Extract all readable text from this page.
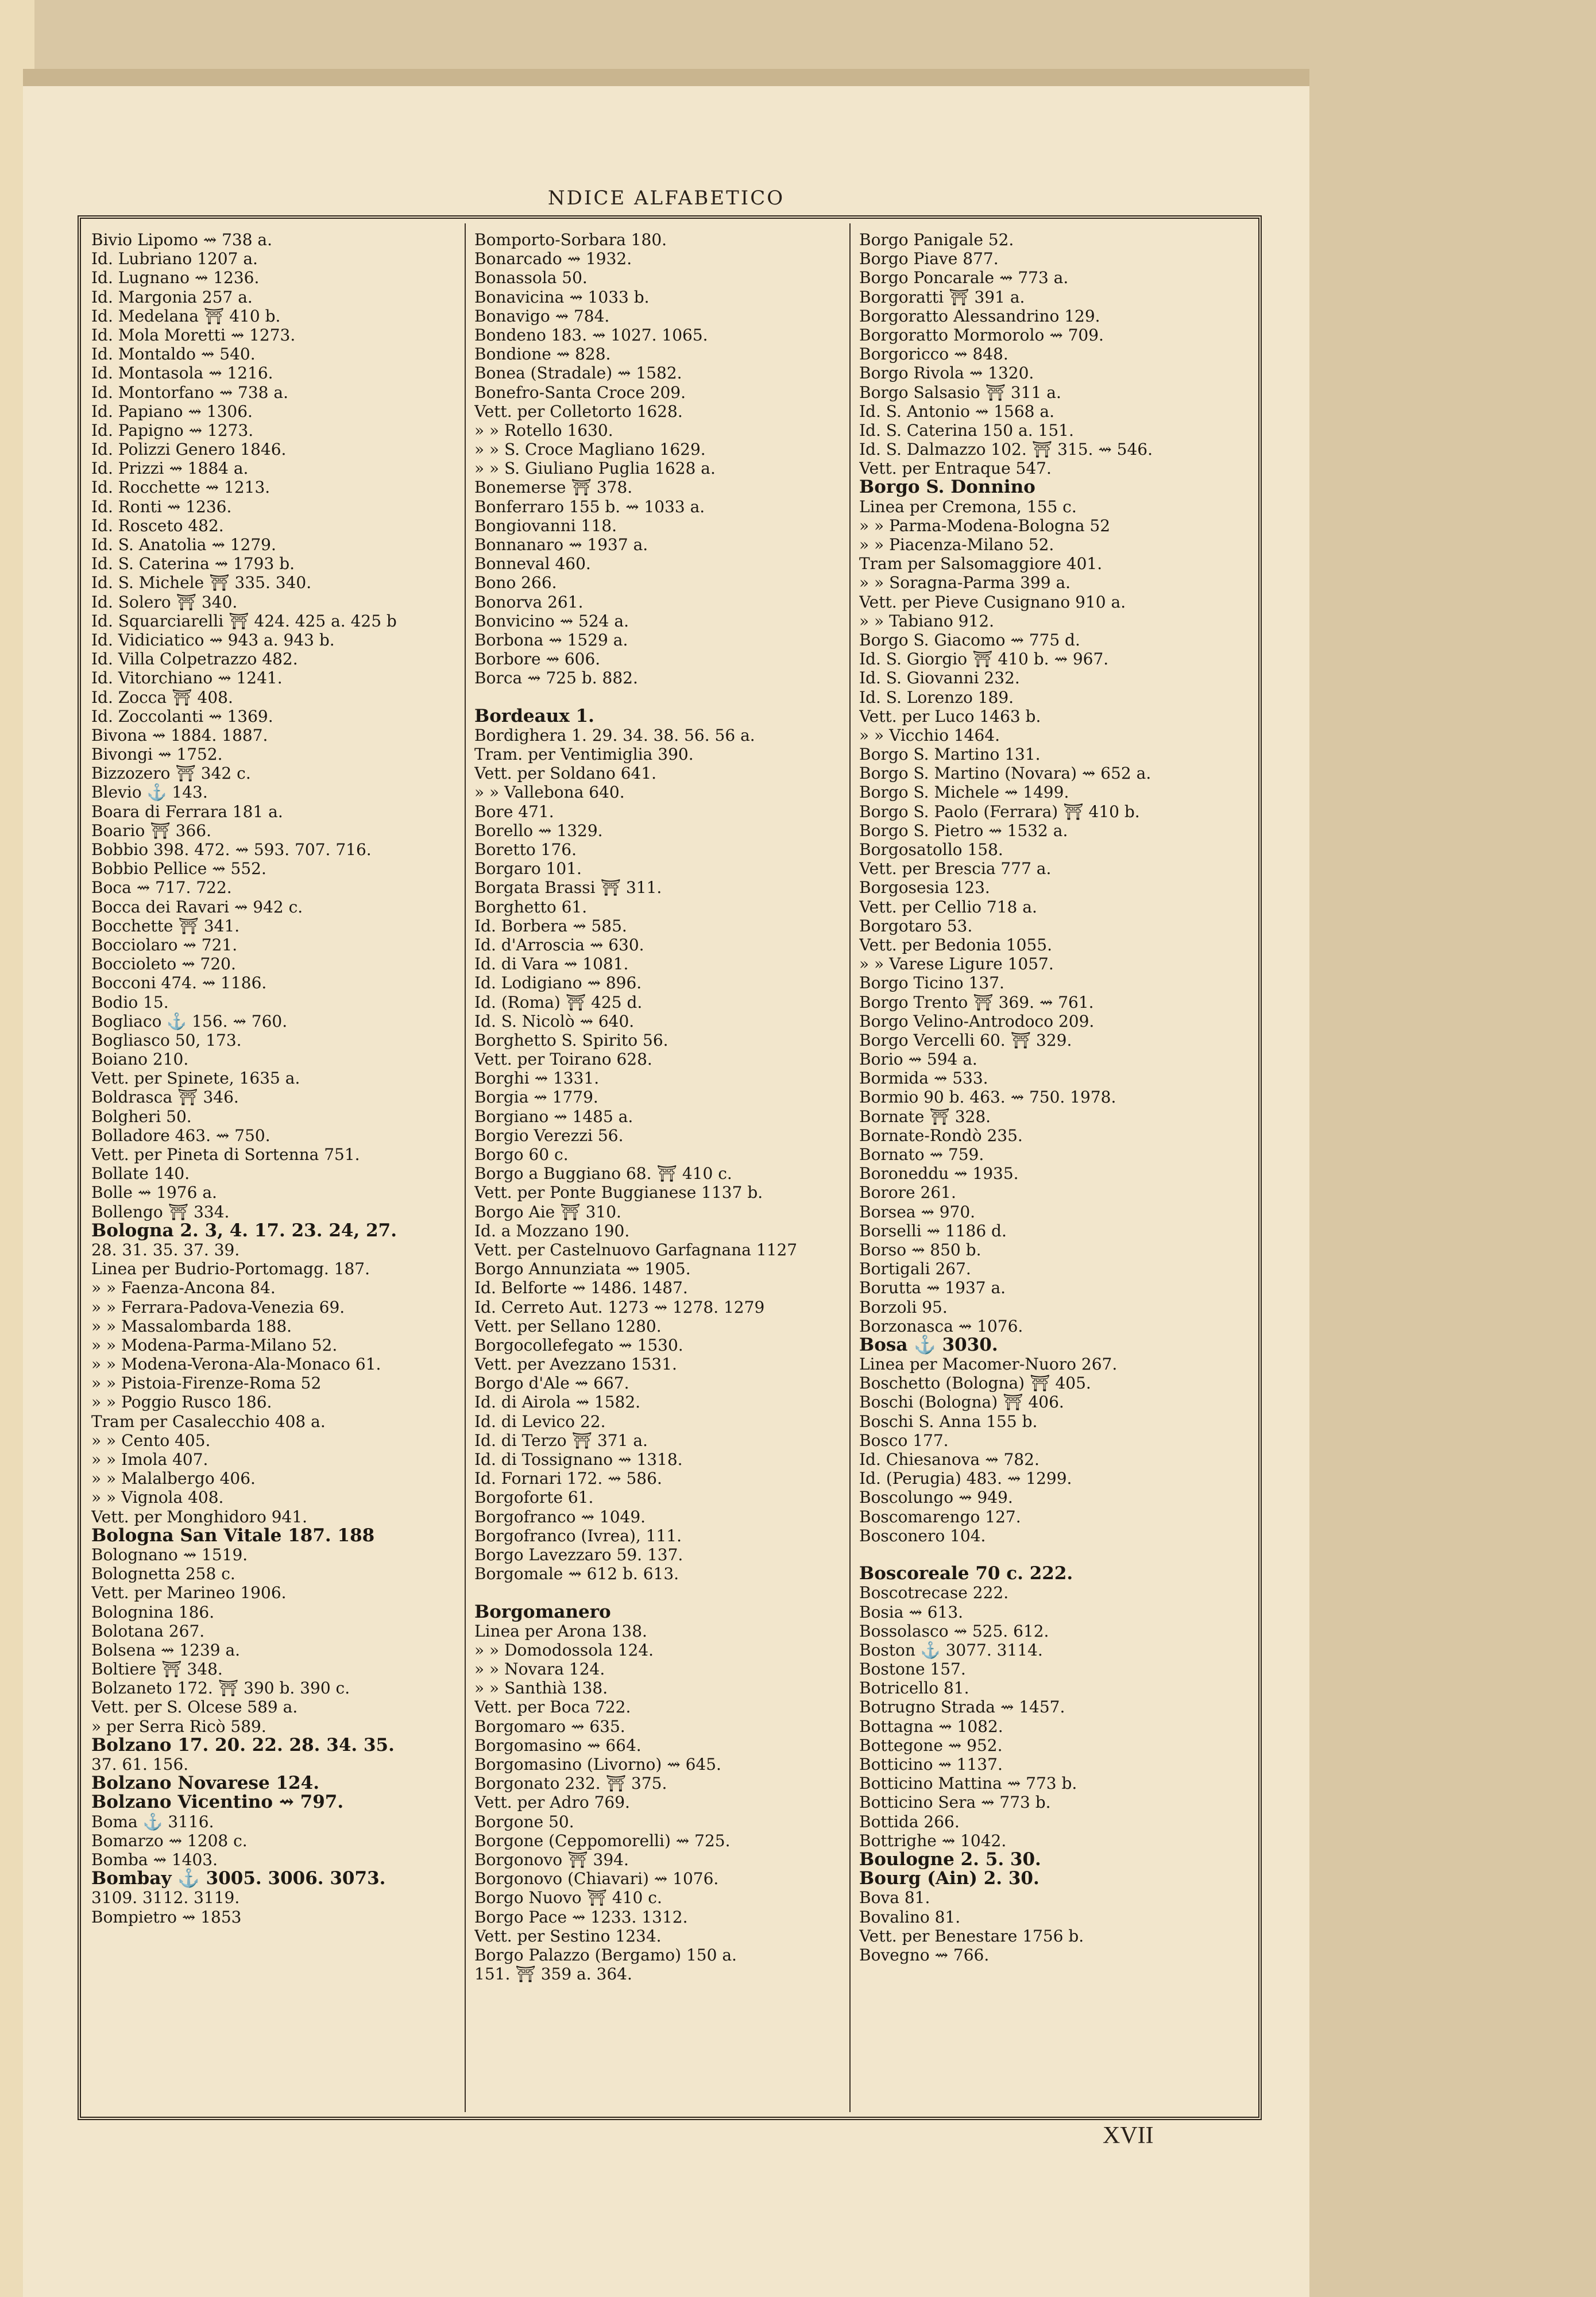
NDICE ALFABETICO
Bivio Lipomo ⇝ 738 a.
Id. Lubriano 1207 a.
Id. Lugnano ⇝ 1236.
Id. Margonia 257 a.
Id. Medelana ⛩ 410 b.
Id. Mola Moretti ⇝ 1273.
Id. Montaldo ⇝ 540.
Id. Montasola ⇝ 1216.
Id. Montorfano ⇝ 738 a.
Id. Papiano ⇝ 1306.
Id. Papigno ⇝ 1273.
Id. Polizzi Genero 1846.
Id. Prizzi ⇝ 1884 a.
Id. Rocchette ⇝ 1213.
Id. Ronti ⇝ 1236.
Id. Rosceto 482.
Id. S. Anatolia ⇝ 1279.
Id. S. Caterina ⇝ 1793 b.
Id. S. Michele ⛩ 335. 340.
Id. Solero ⛩ 340.
Id. Squarciarelli ⛩ 424. 425 a. 425 b
Id. Vidiciatico ⇝ 943 a. 943 b.
Id. Villa Colpetrazzo 482.
Id. Vitorchiano ⇝ 1241.
Id. Zocca ⛩ 408.
Id. Zoccolanti ⇝ 1369.
Bivona ⇝ 1884. 1887.
Bivongi ⇝ 1752.
Bizzozero ⛩ 342 c.
Blevio ⚓ 143.
Boara di Ferrara 181 a.
Boario ⛩ 366.
Bobbio 398. 472. ⇝ 593. 707. 716.
Bobbio Pellice ⇝ 552.
Boca ⇝ 717. 722.
Bocca dei Ravari ⇝ 942 c.
Bocchette ⛩ 341.
Bocciolaro ⇝ 721.
Boccioleto ⇝ 720.
Bocconi 474. ⇝ 1186.
Bodio 15.
Bogliaco ⚓ 156. ⇝ 760.
Bogliasco 50, 173.
Boiano 210.
Vett. per Spinete, 1635 a.
Boldrasca ⛩ 346.
Bolgheri 50.
Bolladore 463. ⇝ 750.
Vett. per Pineta di Sortenna 751.
Bollate 140.
Bolle ⇝ 1976 a.
Bollengo ⛩ 334.
Bologna 2. 3, 4. 17. 23. 24, 27.
28. 31. 35. 37. 39.
Linea per Budrio-Portomagg. 187.
» » Faenza-Ancona 84.
» » Ferrara-Padova-Venezia 69.
» » Massalombarda 188.
» » Modena-Parma-Milano 52.
» » Modena-Verona-Ala-Monaco 61.
» » Pistoia-Firenze-Roma 52
» » Poggio Rusco 186.
Tram per Casalecchio 408 a.
» » Cento 405.
» » Imola 407.
» » Malalbergo 406.
» » Vignola 408.
Vett. per Monghidoro 941.
Bologna San Vitale 187. 188
Bolognano ⇝ 1519.
Bolognetta 258 c.
Vett. per Marineo 1906.
Bolognina 186.
Bolotana 267.
Bolsena ⇝ 1239 a.
Boltiere ⛩ 348.
Bolzaneto 172. ⛩ 390 b. 390 c.
Vett. per S. Olcese 589 a.
» per Serra Ricò 589.
Bolzano 17. 20. 22. 28. 34. 35.
37. 61. 156.
Bolzano Novarese 124.
Bolzano Vicentino ⇝ 797.
Boma ⚓ 3116.
Bomarzo ⇝ 1208 c.
Bomba ⇝ 1403.
Bombay ⚓ 3005. 3006. 3073.
3109. 3112. 3119.
Bompietro ⇝ 1853
Bomporto-Sorbara 180.
Bonarcado ⇝ 1932.
Bonassola 50.
Bonavicina ⇝ 1033 b.
Bonavigo ⇝ 784.
Bondeno 183. ⇝ 1027. 1065.
Bondione ⇝ 828.
Bonea (Stradale) ⇝ 1582.
Bonefro-Santa Croce 209.
Vett. per Colletorto 1628.
» » Rotello 1630.
» » S. Croce Magliano 1629.
» » S. Giuliano Puglia 1628 a.
Bonemerse ⛩ 378.
Bonferraro 155 b. ⇝ 1033 a.
Bongiovanni 118.
Bonnanaro ⇝ 1937 a.
Bonneval 460.
Bono 266.
Bonorva 261.
Bonvicino ⇝ 524 a.
Borbona ⇝ 1529 a.
Borbore ⇝ 606.
Borca ⇝ 725 b. 882.
Bordeaux 1.
Bordighera 1. 29. 34. 38. 56. 56 a.
Tram. per Ventimiglia 390.
Vett. per Soldano 641.
» » Vallebona 640.
Bore 471.
Borello ⇝ 1329.
Boretto 176.
Borgaro 101.
Borgata Brassi ⛩ 311.
Borghetto 61.
Id. Borbera ⇝ 585.
Id. d'Arroscia ⇝ 630.
Id. di Vara ⇝ 1081.
Id. Lodigiano ⇝ 896.
Id. (Roma) ⛩ 425 d.
Id. S. Nicolò ⇝ 640.
Borghetto S. Spirito 56.
Vett. per Toirano 628.
Borghi ⇝ 1331.
Borgia ⇝ 1779.
Borgiano ⇝ 1485 a.
Borgio Verezzi 56.
Borgo 60 c.
Borgo a Buggiano 68. ⛩ 410 c.
Vett. per Ponte Buggianese 1137 b.
Borgo Aie ⛩ 310.
Id. a Mozzano 190.
Vett. per Castelnuovo Garfagnana 1127
Borgo Annunziata ⇝ 1905.
Id. Belforte ⇝ 1486. 1487.
Id. Cerreto Aut. 1273 ⇝ 1278. 1279
Vett. per Sellano 1280.
Borgocollefegato ⇝ 1530.
Vett. per Avezzano 1531.
Borgo d'Ale ⇝ 667.
Id. di Airola ⇝ 1582.
Id. di Levico 22.
Id. di Terzo ⛩ 371 a.
Id. di Tossignano ⇝ 1318.
Id. Fornari 172. ⇝ 586.
Borgoforte 61.
Borgofranco ⇝ 1049.
Borgofranco (Ivrea), 111.
Borgo Lavezzaro 59. 137.
Borgomale ⇝ 612 b. 613.
Borgomanero
Linea per Arona 138.
» » Domodossola 124.
» » Novara 124.
» » Santhià 138.
Vett. per Boca 722.
Borgomaro ⇝ 635.
Borgomasino ⇝ 664.
Borgomasino (Livorno) ⇝ 645.
Borgonato 232. ⛩ 375.
Vett. per Adro 769.
Borgone 50.
Borgone (Ceppomorelli) ⇝ 725.
Borgonovo ⛩ 394.
Borgonovo (Chiavari) ⇝ 1076.
Borgo Nuovo ⛩ 410 c.
Borgo Pace ⇝ 1233. 1312.
Vett. per Sestino 1234.
Borgo Palazzo (Bergamo) 150 a.
151. ⛩ 359 a. 364.
Borgo Panigale 52.
Borgo Piave 877.
Borgo Poncarale ⇝ 773 a.
Borgoratti ⛩ 391 a.
Borgoratto Alessandrino 129.
Borgoratto Mormorolo ⇝ 709.
Borgoricco ⇝ 848.
Borgo Rivola ⇝ 1320.
Borgo Salsasio ⛩ 311 a.
Id. S. Antonio ⇝ 1568 a.
Id. S. Caterina 150 a. 151.
Id. S. Dalmazzo 102. ⛩ 315. ⇝ 546.
Vett. per Entraque 547.
Borgo S. Donnino
Linea per Cremona, 155 c.
» » Parma-Modena-Bologna 52
» » Piacenza-Milano 52.
Tram per Salsomaggiore 401.
» » Soragna-Parma 399 a.
Vett. per Pieve Cusignano 910 a.
» » Tabiano 912.
Borgo S. Giacomo ⇝ 775 d.
Id. S. Giorgio ⛩ 410 b. ⇝ 967.
Id. S. Giovanni 232.
Id. S. Lorenzo 189.
Vett. per Luco 1463 b.
» » Vicchio 1464.
Borgo S. Martino 131.
Borgo S. Martino (Novara) ⇝ 652 a.
Borgo S. Michele ⇝ 1499.
Borgo S. Paolo (Ferrara) ⛩ 410 b.
Borgo S. Pietro ⇝ 1532 a.
Borgosatollo 158.
Vett. per Brescia 777 a.
Borgosesia 123.
Vett. per Cellio 718 a.
Borgotaro 53.
Vett. per Bedonia 1055.
» » Varese Ligure 1057.
Borgo Ticino 137.
Borgo Trento ⛩ 369. ⇝ 761.
Borgo Velino-Antrodoco 209.
Borgo Vercelli 60. ⛩ 329.
Borio ⇝ 594 a.
Bormida ⇝ 533.
Bormio 90 b. 463. ⇝ 750. 1978.
Bornate ⛩ 328.
Bornate-Rondò 235.
Bornato ⇝ 759.
Boroneddu ⇝ 1935.
Borore 261.
Borsea ⇝ 970.
Borselli ⇝ 1186 d.
Borso ⇝ 850 b.
Bortigali 267.
Borutta ⇝ 1937 a.
Borzoli 95.
Borzonasca ⇝ 1076.
Bosa ⚓ 3030.
Linea per Macomer-Nuoro 267.
Boschetto (Bologna) ⛩ 405.
Boschi (Bologna) ⛩ 406.
Boschi S. Anna 155 b.
Bosco 177.
Id. Chiesanova ⇝ 782.
Id. (Perugia) 483. ⇝ 1299.
Boscolungo ⇝ 949.
Boscomarengo 127.
Bosconero 104.
Boscoreale 70 c. 222.
Boscotrecase 222.
Bosia ⇝ 613.
Bossolasco ⇝ 525. 612.
Boston ⚓ 3077. 3114.
Bostone 157.
Botricello 81.
Botrugno Strada ⇝ 1457.
Bottagna ⇝ 1082.
Bottegone ⇝ 952.
Botticino ⇝ 1137.
Botticino Mattina ⇝ 773 b.
Botticino Sera ⇝ 773 b.
Bottida 266.
Bottrighe ⇝ 1042.
Boulogne 2. 5. 30.
Bourg (Ain) 2. 30.
Bova 81.
Bovalino 81.
Vett. per Benestare 1756 b.
Bovegno ⇝ 766.
XVII
